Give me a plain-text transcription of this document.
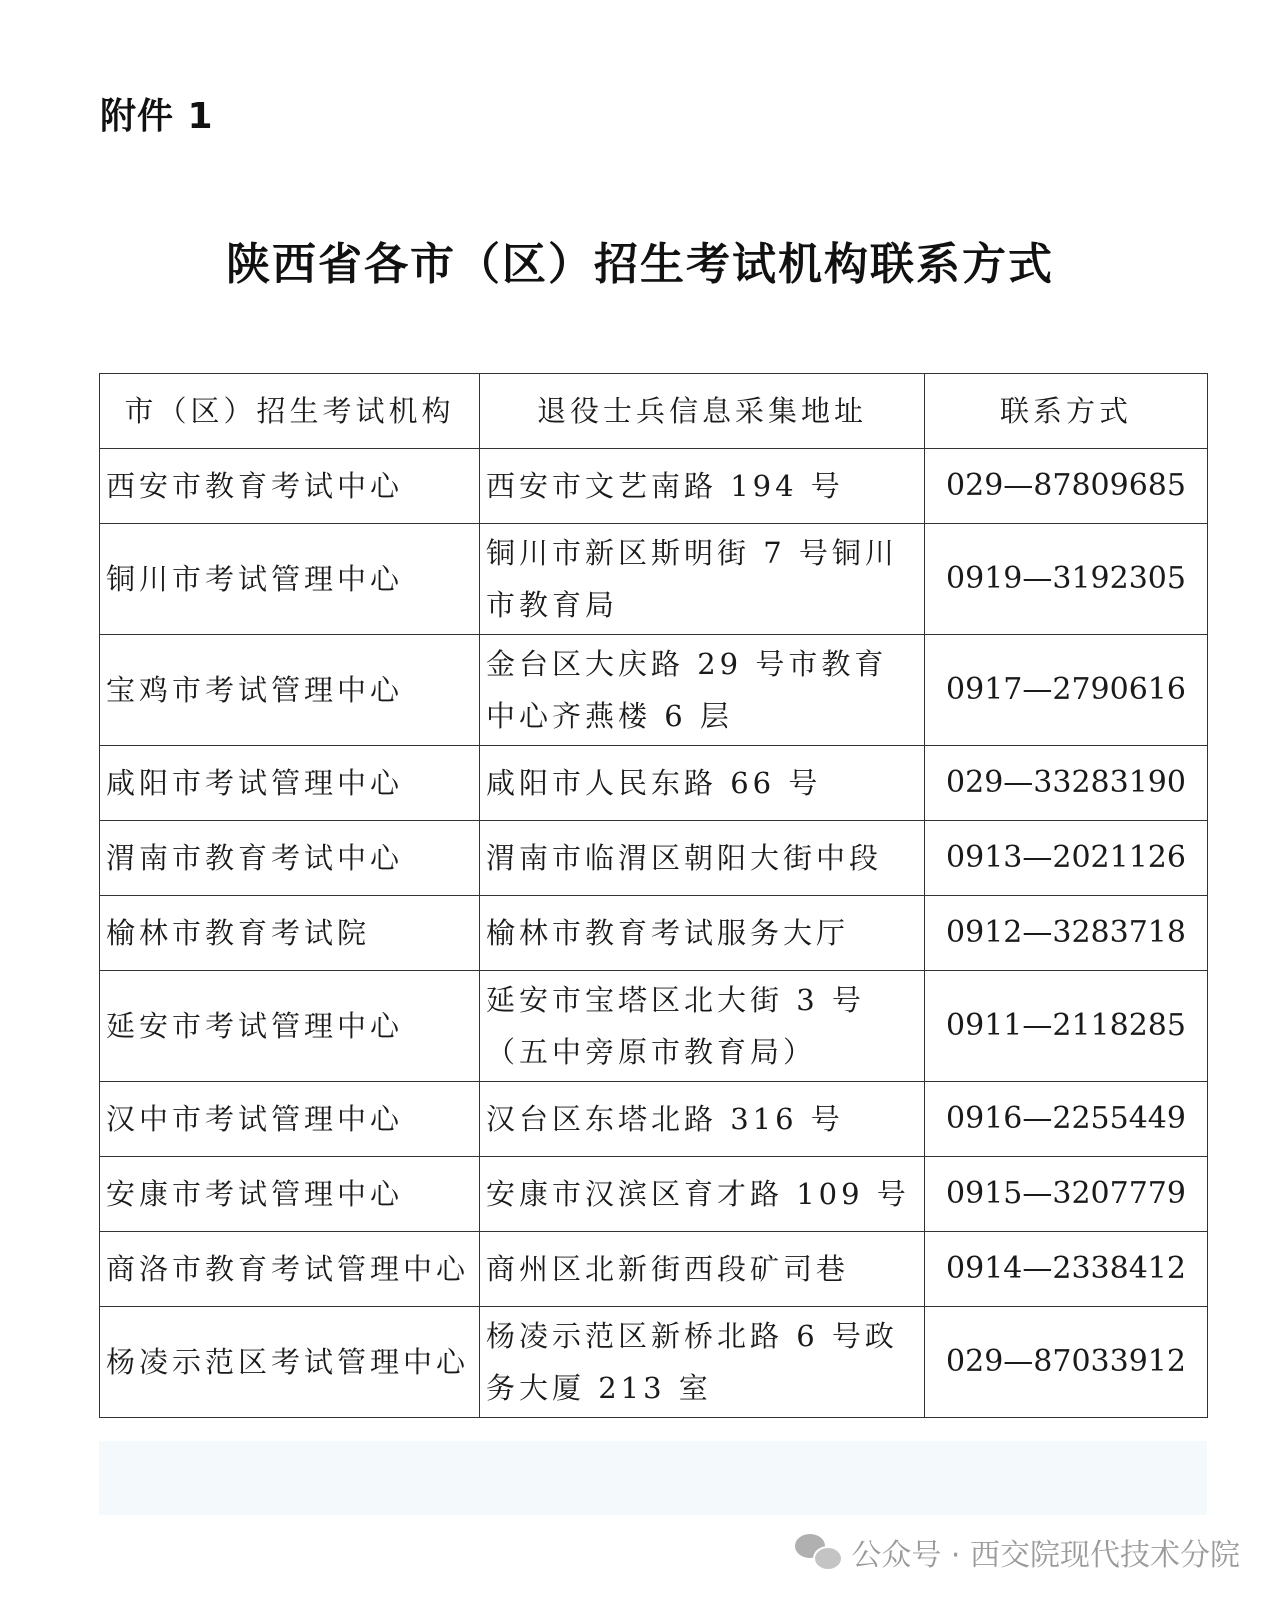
附件 1
陕西省各市（区）招生考试机构联系方式
市（区）招生考试机构	退役士兵信息采集地址	联系方式
西安市教育考试中心	西安市文艺南路 194 号	029—87809685
铜川市考试管理中心	铜川市新区斯明街 7 号铜川市教育局	0919—3192305
宝鸡市考试管理中心	金台区大庆路 29 号市教育中心齐燕楼 6 层	0917—2790616
咸阳市考试管理中心	咸阳市人民东路 66 号	029—33283190
渭南市教育考试中心	渭南市临渭区朝阳大街中段	0913—2021126
榆林市教育考试院	榆林市教育考试服务大厅	0912—3283718
延安市考试管理中心	延安市宝塔区北大街 3 号（五中旁原市教育局）	0911—2118285
汉中市考试管理中心	汉台区东塔北路 316 号	0916—2255449
安康市考试管理中心	安康市汉滨区育才路 109 号	0915—3207779
商洛市教育考试管理中心	商州区北新街西段矿司巷	0914—2338412
杨凌示范区考试管理中心	杨凌示范区新桥北路 6 号政务大厦 213 室	029—87033912
公众号 · 西交院现代技术分院
